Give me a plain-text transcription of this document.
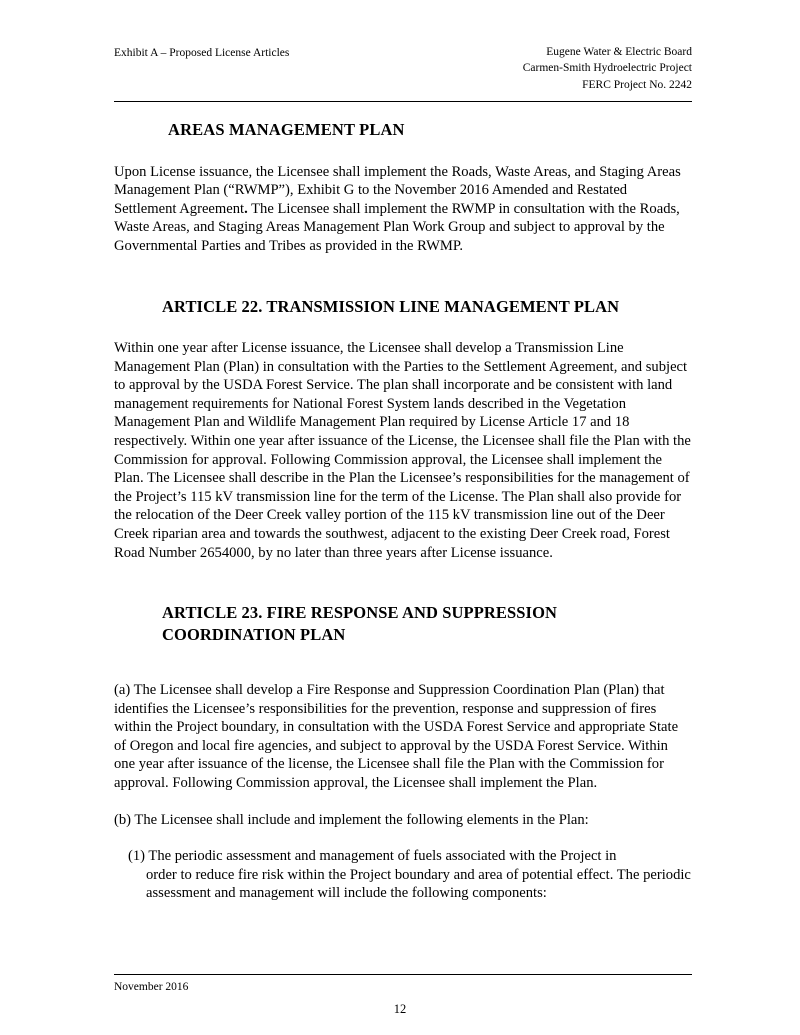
Exhibit A – Proposed License Articles	Eugene Water & Electric Board
Carmen-Smith Hydroelectric Project
FERC Project No. 2242
AREAS MANAGEMENT PLAN

Upon License issuance, the Licensee shall implement the Roads, Waste Areas, and Staging Areas Management Plan (“RWMP”), Exhibit G to the November 2016 Amended and Restated Settlement Agreement. The Licensee shall implement the RWMP in consultation with the Roads, Waste Areas, and Staging Areas Management Plan Work Group and subject to approval by the Governmental Parties and Tribes as provided in the RWMP.

ARTICLE 22. TRANSMISSION LINE MANAGEMENT PLAN

Within one year after License issuance, the Licensee shall develop a Transmission Line Management Plan (Plan) in consultation with the Parties to the Settlement Agreement, and subject to approval by the USDA Forest Service. The plan shall incorporate and be consistent with land management requirements for National Forest System lands described in the Vegetation Management Plan and Wildlife Management Plan required by License Article 17 and 18 respectively. Within one year after issuance of the License, the Licensee shall file the Plan with the Commission for approval. Following Commission approval, the Licensee shall implement the Plan. The Licensee shall describe in the Plan the Licensee’s responsibilities for the management of the Project’s 115 kV transmission line for the term of the License. The Plan shall also provide for the relocation of the Deer Creek valley portion of the 115 kV transmission line out of the Deer Creek riparian area and towards the southwest, adjacent to the existing Deer Creek road, Forest Road Number 2654000, by no later than three years after License issuance.

ARTICLE 23. FIRE RESPONSE AND SUPPRESSION
COORDINATION PLAN

(a) The Licensee shall develop a Fire Response and Suppression Coordination Plan (Plan) that identifies the Licensee’s responsibilities for the prevention, response and suppression of fires within the Project boundary, in consultation with the USDA Forest Service and appropriate State of Oregon and local fire agencies, and subject to approval by the USDA Forest Service. Within one year after issuance of the license, the Licensee shall file the Plan with the Commission for approval. Following Commission approval, the Licensee shall implement the Plan.

(b) The Licensee shall include and implement the following elements in the Plan:

(1) The periodic assessment and management of fuels associated with the Project in
order to reduce fire risk within the Project boundary and area of potential effect. The periodic assessment and management will include the following components:

November 2016
12
